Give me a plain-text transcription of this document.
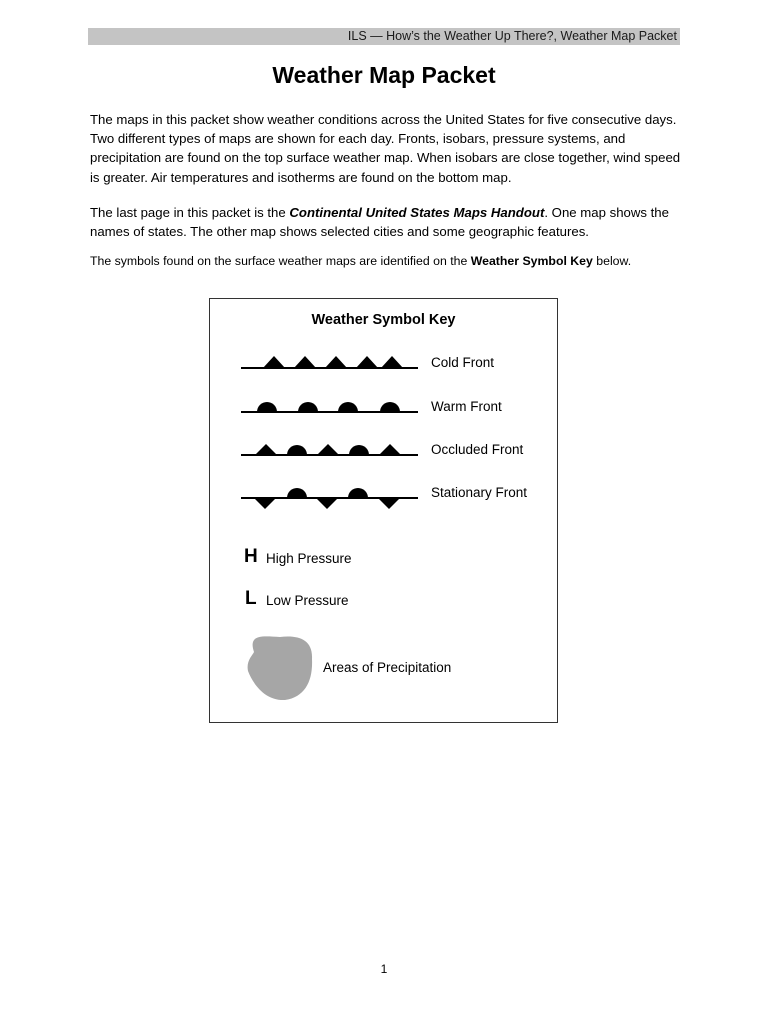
ILS — How’s the Weather Up There?, Weather Map Packet
Weather Map Packet

The maps in this packet show weather conditions across the United States for five consecutive days. Two different types of maps are shown for each day. Fronts, isobars, pressure systems, and precipitation are found on the top surface weather map. When isobars are close together, wind speed is greater. Air temperatures and isotherms are found on the bottom map.

The last page in this packet is the Continental United States Maps Handout. One map shows the names of states. The other map shows selected cities and some geographic features.

The symbols found on the surface weather maps are identified on the Weather Symbol Key below.

Weather Symbol Key
Cold Front
Warm Front
Occluded Front
Stationary Front
H High Pressure
L Low Pressure
Areas of Precipitation
1
